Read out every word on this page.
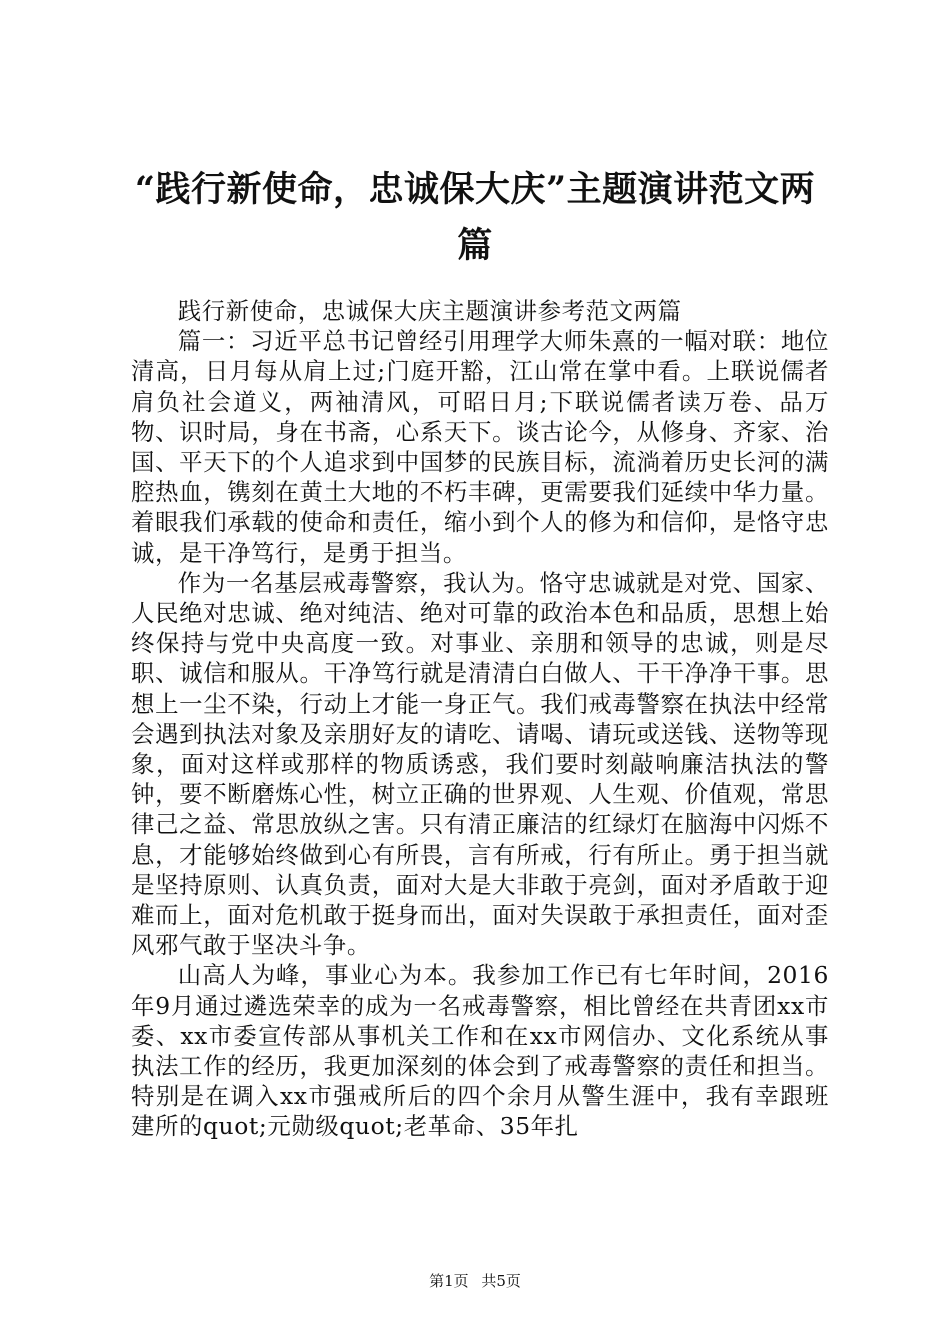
“践行新使命，忠诚保大庆”主题演讲范文两篇

践行新使命，忠诚保大庆主题演讲参考范文两篇

篇一：习近平总书记曾经引用理学大师朱熹的一幅对联：地位清高，日月每从肩上过;门庭开豁，江山常在掌中看。上联说儒者肩负社会道义，两袖清风，可昭日月;下联说儒者读万卷、品万物、识时局，身在书斋，心系天下。谈古论今，从修身、齐家、治国、平天下的个人追求到中国梦的民族目标，流淌着历史长河的满腔热血，镌刻在黄土大地的不朽丰碑，更需要我们延续中华力量。着眼我们承载的使命和责任，缩小到个人的修为和信仰，是恪守忠诚，是干净笃行，是勇于担当。

作为一名基层戒毒警察，我认为。恪守忠诚就是对党、国家、人民绝对忠诚、绝对纯洁、绝对可靠的政治本色和品质，思想上始终保持与党中央高度一致。对事业、亲朋和领导的忠诚，则是尽职、诚信和服从。干净笃行就是清清白白做人、干干净净干事。思想上一尘不染，行动上才能一身正气。我们戒毒警察在执法中经常会遇到执法对象及亲朋好友的请吃、请喝、请玩或送钱、送物等现象，面对这样或那样的物质诱惑，我们要时刻敲响廉洁执法的警钟，要不断磨炼心性，树立正确的世界观、人生观、价值观，常思律己之益、常思放纵之害。只有清正廉洁的红绿灯在脑海中闪烁不息，才能够始终做到心有所畏，言有所戒，行有所止。勇于担当就是坚持原则、认真负责，面对大是大非敢于亮剑，面对矛盾敢于迎难而上，面对危机敢于挺身而出，面对失误敢于承担责任，面对歪风邪气敢于坚决斗争。

山高人为峰，事业心为本。我参加工作已有七年时间，2016年9月通过遴选荣幸的成为一名戒毒警察，相比曾经在共青团xx市委、xx市委宣传部从事机关工作和在xx市网信办、文化系统从事执法工作的经历，我更加深刻的体会到了戒毒警察的责任和担当。特别是在调入xx市强戒所后的四个余月从警生涯中，我有幸跟班建所的quot;元勋级quot;老革命、35年扎

第1页 共5页
